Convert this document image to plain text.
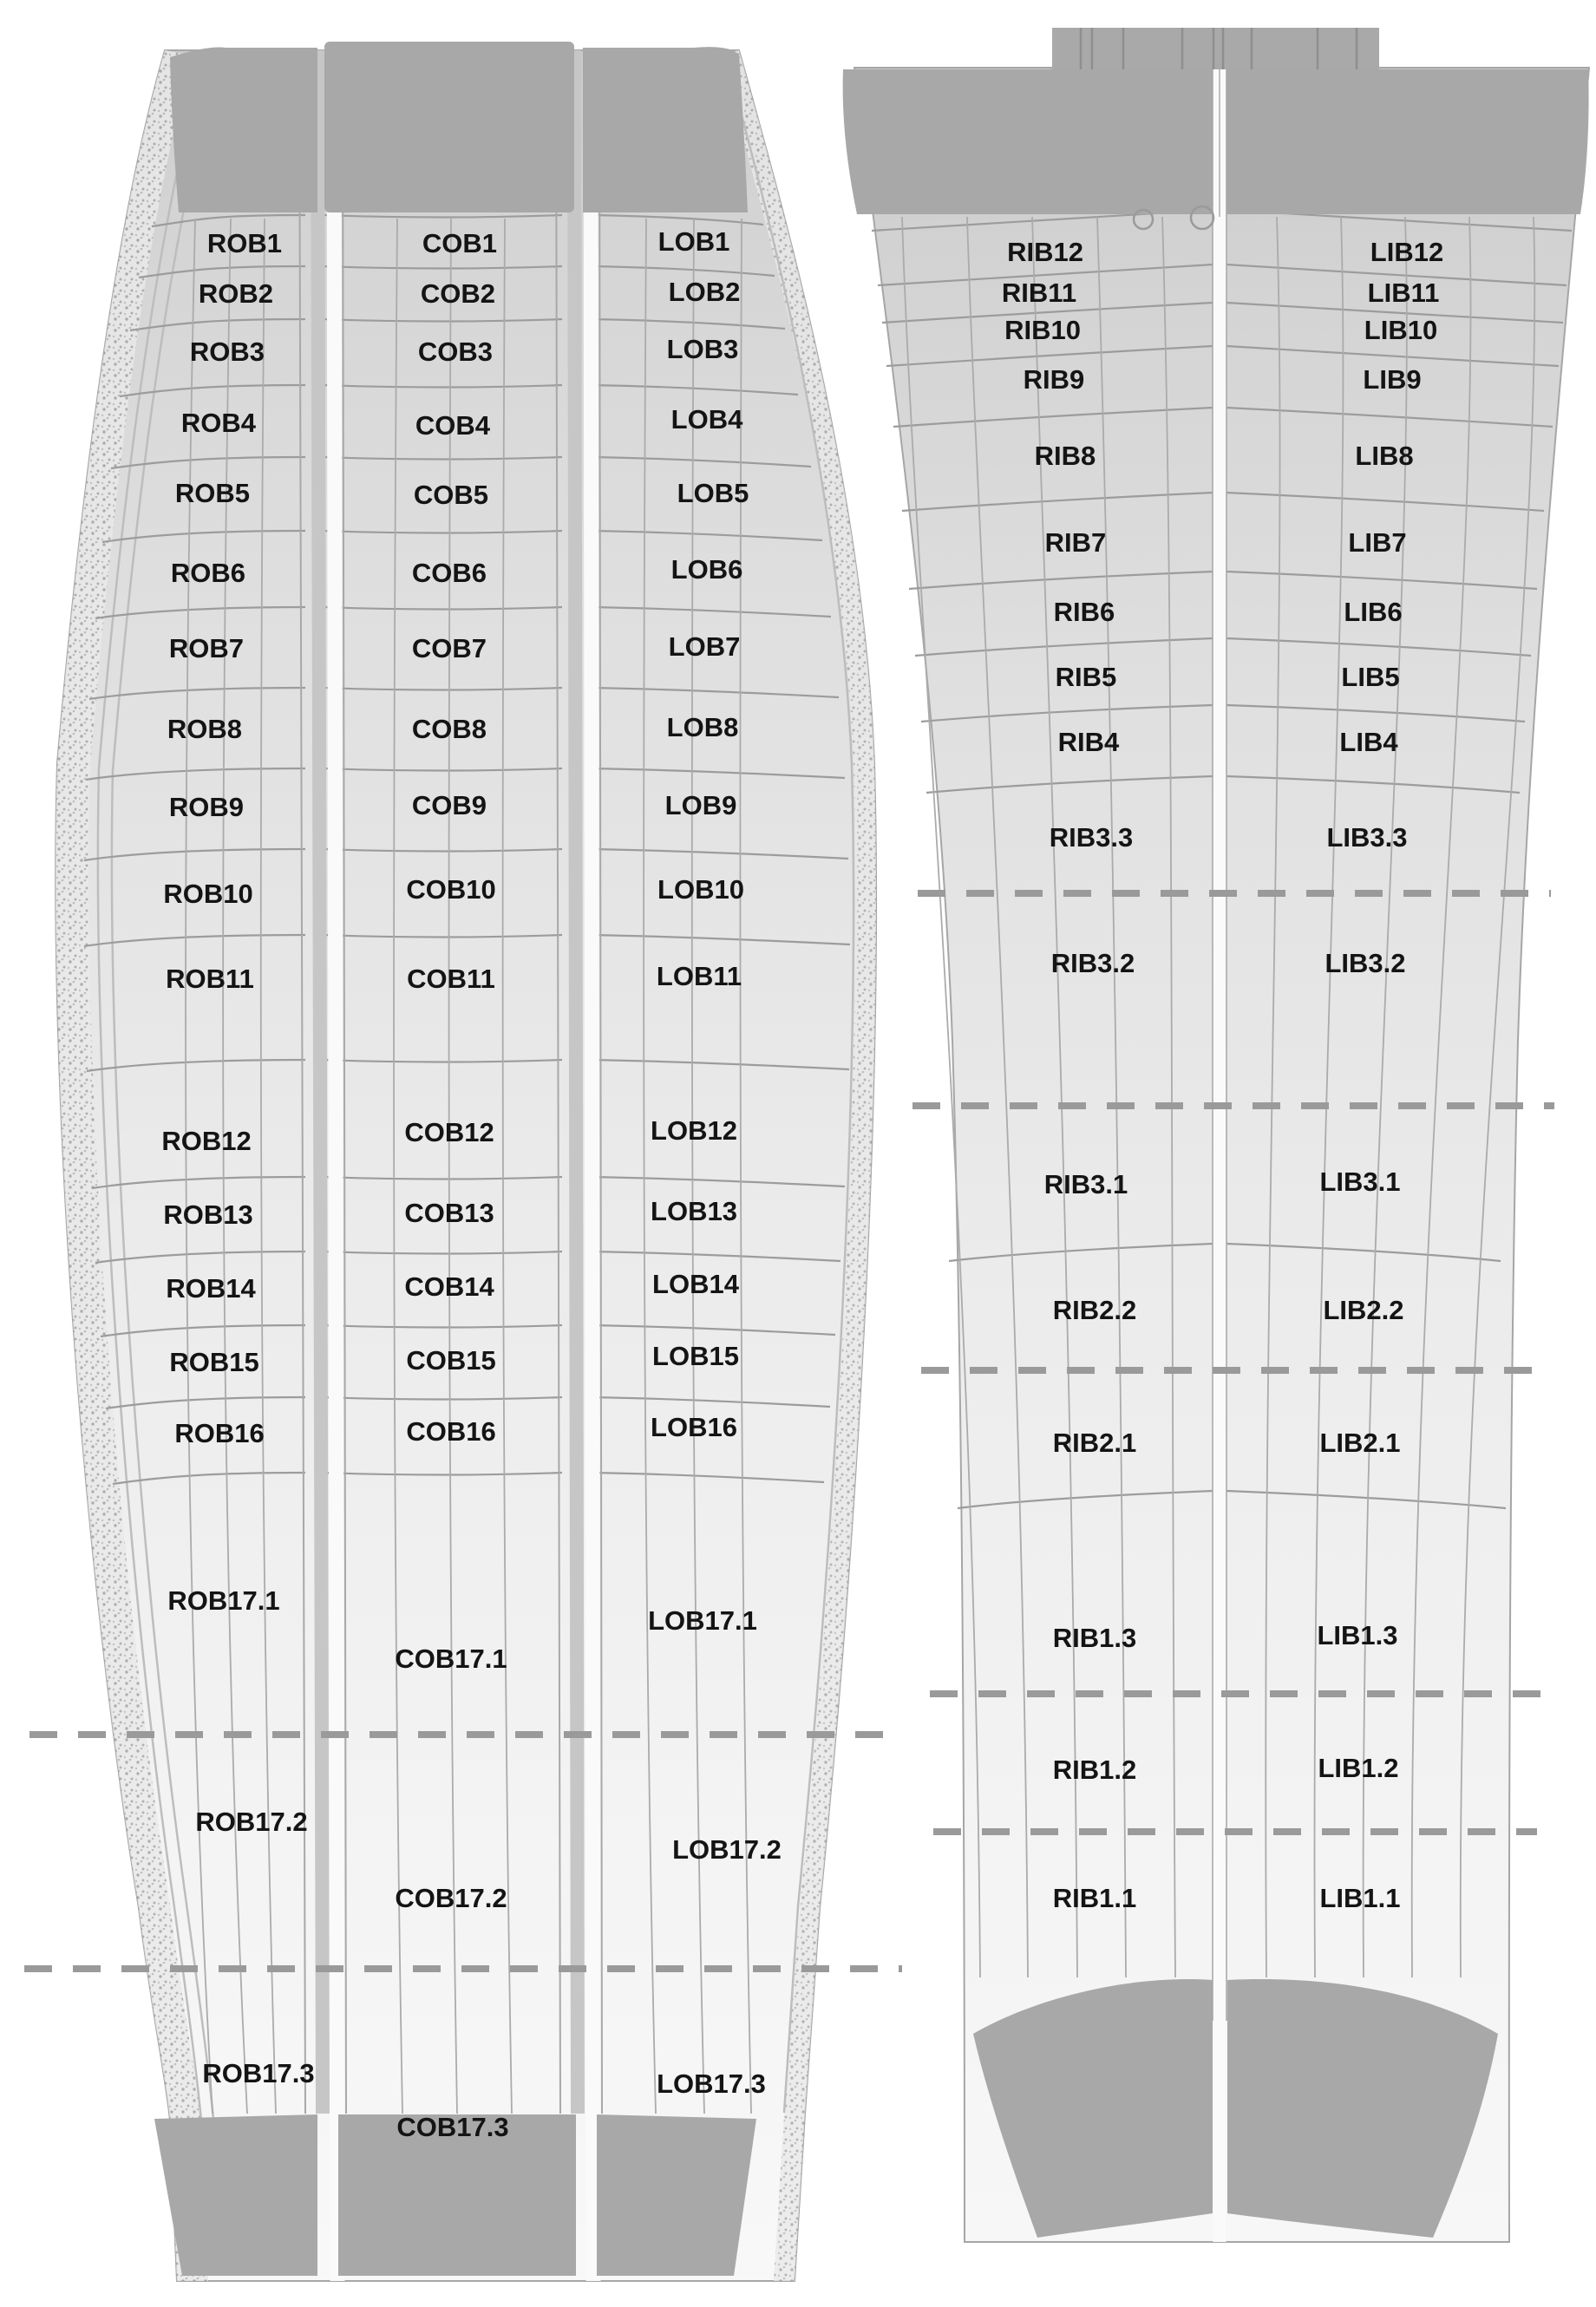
ROB1
ROB2
ROB3
ROB4
ROB5
ROB6
ROB7
ROB8
ROB9
ROB10
ROB11
ROB12
ROB13
ROB14
ROB15
ROB16
ROB17.1
ROB17.2
ROB17.3
COB1
COB2
COB3
COB4
COB5
COB6
COB7
COB8
COB9
COB10
COB11
COB12
COB13
COB14
COB15
COB16
COB17.1
COB17.2
COB17.3
LOB1
LOB2
LOB3
LOB4
LOB5
LOB6
LOB7
LOB8
LOB9
LOB10
LOB11
LOB12
LOB13
LOB14
LOB15
LOB16
LOB17.1
LOB17.2
LOB17.3
RIB12
RIB11
RIB10
RIB9
RIB8
RIB7
RIB6
RIB5
RIB4
RIB3.3
RIB3.2
RIB3.1
RIB2.2
RIB2.1
RIB1.3
RIB1.2
RIB1.1
LIB12
LIB11
LIB10
LIB9
LIB8
LIB7
LIB6
LIB5
LIB4
LIB3.3
LIB3.2
LIB3.1
LIB2.2
LIB2.1
LIB1.3
LIB1.2
LIB1.1
